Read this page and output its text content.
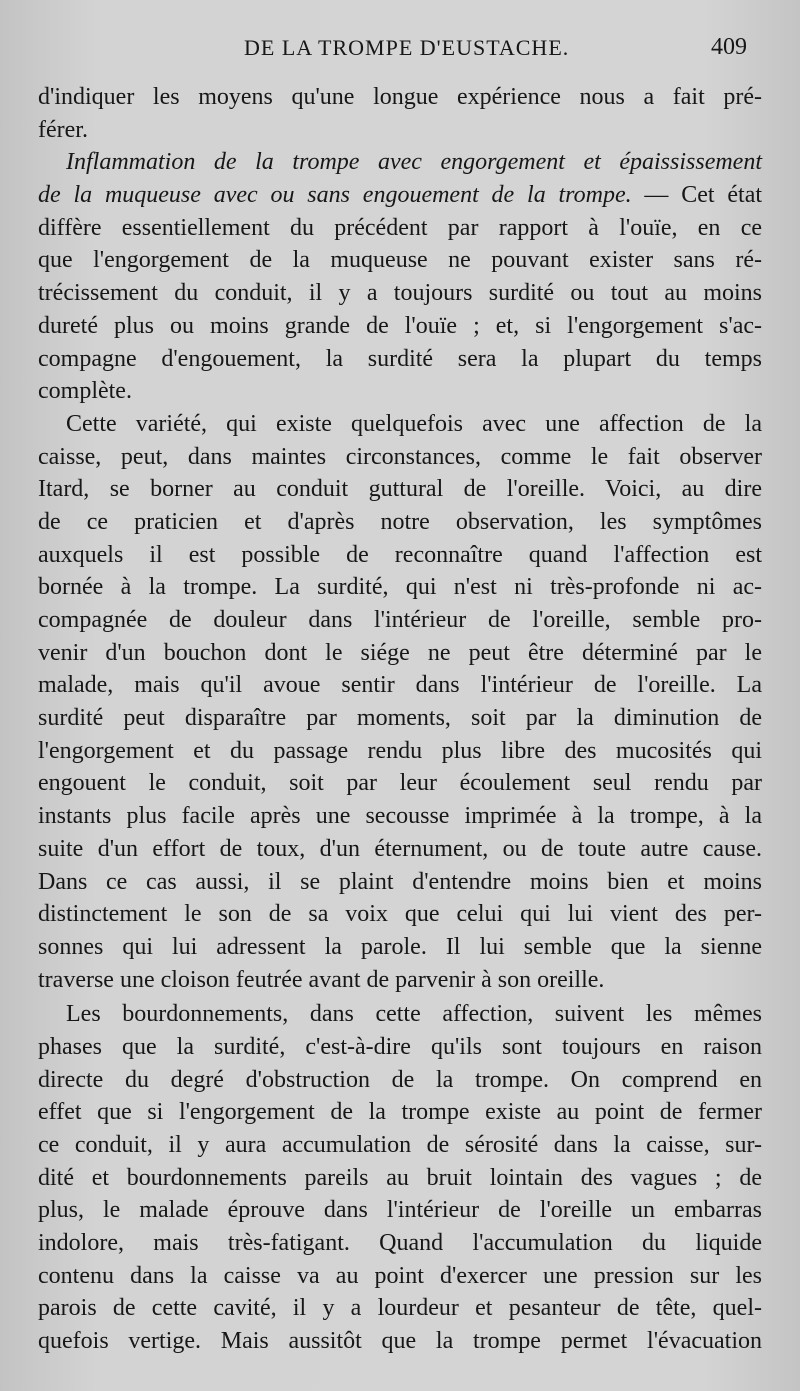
DE LA TROMPE D'EUSTACHE.	409
d'indiquer les moyens qu'une longue expérience nous a fait pré-
férer.
Inflammation de la trompe avec engorgement et épaississement
de la muqueuse avec ou sans engouement de la trompe. — Cet état
diffère essentiellement du précédent par rapport à l'ouïe, en ce
que l'engorgement de la muqueuse ne pouvant exister sans ré-
trécissement du conduit, il y a toujours surdité ou tout au moins
dureté plus ou moins grande de l'ouïe ; et, si l'engorgement s'ac-
compagne d'engouement, la surdité sera la plupart du temps
complète.
Cette variété, qui existe quelquefois avec une affection de la
caisse, peut, dans maintes circonstances, comme le fait observer
Itard, se borner au conduit guttural de l'oreille. Voici, au dire
de ce praticien et d'après notre observation, les symptômes
auxquels il est possible de reconnaître quand l'affection est
bornée à la trompe. La surdité, qui n'est ni très-profonde ni ac-
compagnée de douleur dans l'intérieur de l'oreille, semble pro-
venir d'un bouchon dont le siége ne peut être déterminé par le
malade, mais qu'il avoue sentir dans l'intérieur de l'oreille. La
surdité peut disparaître par moments, soit par la diminution de
l'engorgement et du passage rendu plus libre des mucosités qui
engouent le conduit, soit par leur écoulement seul rendu par
instants plus facile après une secousse imprimée à la trompe, à la
suite d'un effort de toux, d'un éternument, ou de toute autre cause.
Dans ce cas aussi, il se plaint d'entendre moins bien et moins
distinctement le son de sa voix que celui qui lui vient des per-
sonnes qui lui adressent la parole. Il lui semble que la sienne
traverse une cloison feutrée avant de parvenir à son oreille.
Les bourdonnements, dans cette affection, suivent les mêmes
phases que la surdité, c'est-à-dire qu'ils sont toujours en raison
directe du degré d'obstruction de la trompe. On comprend en
effet que si l'engorgement de la trompe existe au point de fermer
ce conduit, il y aura accumulation de sérosité dans la caisse, sur-
dité et bourdonnements pareils au bruit lointain des vagues ; de
plus, le malade éprouve dans l'intérieur de l'oreille un embarras
indolore, mais très-fatigant. Quand l'accumulation du liquide
contenu dans la caisse va au point d'exercer une pression sur les
parois de cette cavité, il y a lourdeur et pesanteur de tête, quel-
quefois vertige. Mais aussitôt que la trompe permet l'évacuation
